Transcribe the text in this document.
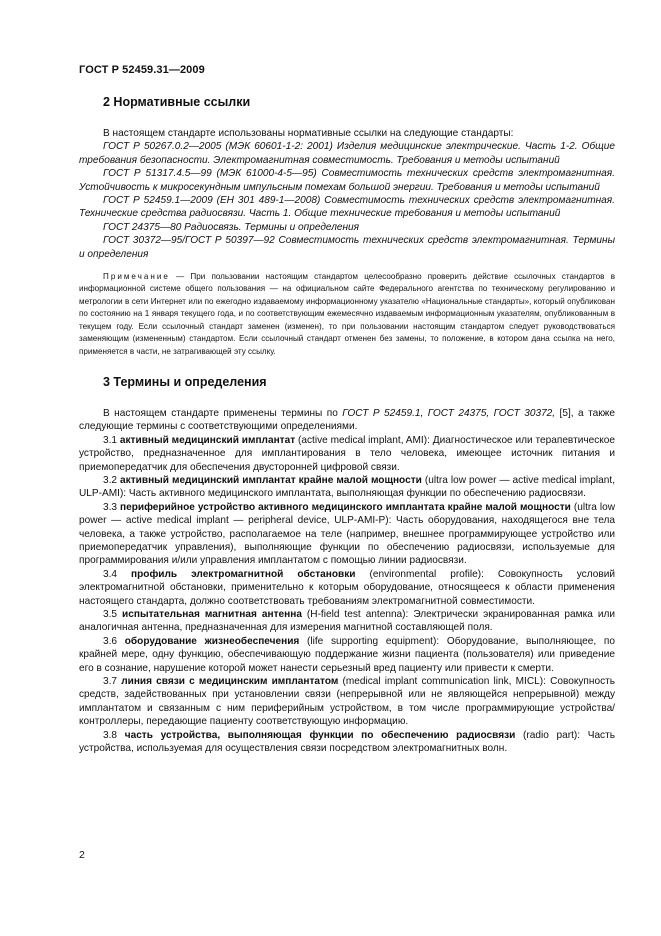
ГОСТ Р 52459.31—2009
2 Нормативные ссылки

В настоящем стандарте использованы нормативные ссылки на следующие стандарты:

ГОСТ Р 50267.0.2—2005 (МЭК 60601-1-2: 2001) Изделия медицинские электрические. Часть 1-2. Общие требования безопасности. Электромагнитная совместимость. Требования и методы испытаний

ГОСТ Р 51317.4.5—99 (МЭК 61000-4-5—95) Совместимость технических средств электромагнитная. Устойчивость к микросекундным импульсным помехам большой энергии. Требования и методы испытаний

ГОСТ Р 52459.1—2009 (ЕН 301 489-1—2008) Совместимость технических средств электромагнитная. Технические средства радиосвязи. Часть 1. Общие технические требования и методы испытаний

ГОСТ 24375—80 Радиосвязь. Термины и определения

ГОСТ 30372—95/ГОСТ Р 50397—92 Совместимость технических средств электромагнитная. Термины и определения

Примечание — При пользовании настоящим стандартом целесообразно проверить действие ссылочных стандартов в информационной системе общего пользования — на официальном сайте Федерального агентства по техническому регулированию и метрологии в сети Интернет или по ежегодно издаваемому информационному указателю «Национальные стандарты», который опубликован по состоянию на 1 января текущего года, и по соответствующим ежемесячно издаваемым информационным указателям, опубликованным в текущем году. Если ссылочный стандарт заменен (изменен), то при пользовании настоящим стандартом следует руководствоваться заменяющим (измененным) стандартом. Если ссылочный стандарт отменен без замены, то положение, в котором дана ссылка на него, применяется в части, не затрагивающей эту ссылку.

3 Термины и определения

В настоящем стандарте применены термины по ГОСТ Р 52459.1, ГОСТ 24375, ГОСТ 30372, [5], а также следующие термины с соответствующими определениями.

3.1 активный медицинский имплантат (active medical implant, AMI): Диагностическое или терапевтическое устройство, предназначенное для имплантирования в тело человека, имеющее источник питания и приемопередатчик для обеспечения двусторонней цифровой связи.

3.2 активный медицинский имплантат крайне малой мощности (ultra low power — active medical implant, ULP-AMI): Часть активного медицинского имплантата, выполняющая функции по обеспечению радиосвязи.

3.3 периферийное устройство активного медицинского имплантата крайне малой мощности (ultra low power — active medical implant — peripheral device, ULP-AMI-P): Часть оборудования, находящегося вне тела человека, а также устройство, располагаемое на теле (например, внешнее программирующее устройство или приемопередатчик управления), выполняющие функции по обеспечению радиосвязи, используемые для программирования и/или управления имплантатом с помощью линии радиосвязи.

3.4 профиль электромагнитной обстановки (environmental profile): Совокупность условий электромагнитной обстановки, применительно к которым оборудование, относящееся к области применения настоящего стандарта, должно соответствовать требованиям электромагнитной совместимости.

3.5 испытательная магнитная антенна (H-field test antenna): Электрически экранированная рамка или аналогичная антенна, предназначенная для измерения магнитной составляющей поля.

3.6 оборудование жизнеобеспечения (life supporting equipment): Оборудование, выполняющее, по крайней мере, одну функцию, обеспечивающую поддержание жизни пациента (пользователя) или приведение его в сознание, нарушение которой может нанести серьезный вред пациенту или привести к смерти.

3.7 линия связи с медицинским имплантатом (medical implant communication link, MICL): Совокупность средств, задействованных при установлении связи (непрерывной или не являющейся непрерывной) между имплантатом и связанным с ним периферийным устройством, в том числе программирующие устройства/контроллеры, передающие пациенту соответствующую информацию.

3.8 часть устройства, выполняющая функции по обеспечению радиосвязи (radio part): Часть устройства, используемая для осуществления связи посредством электромагнитных волн.

2
